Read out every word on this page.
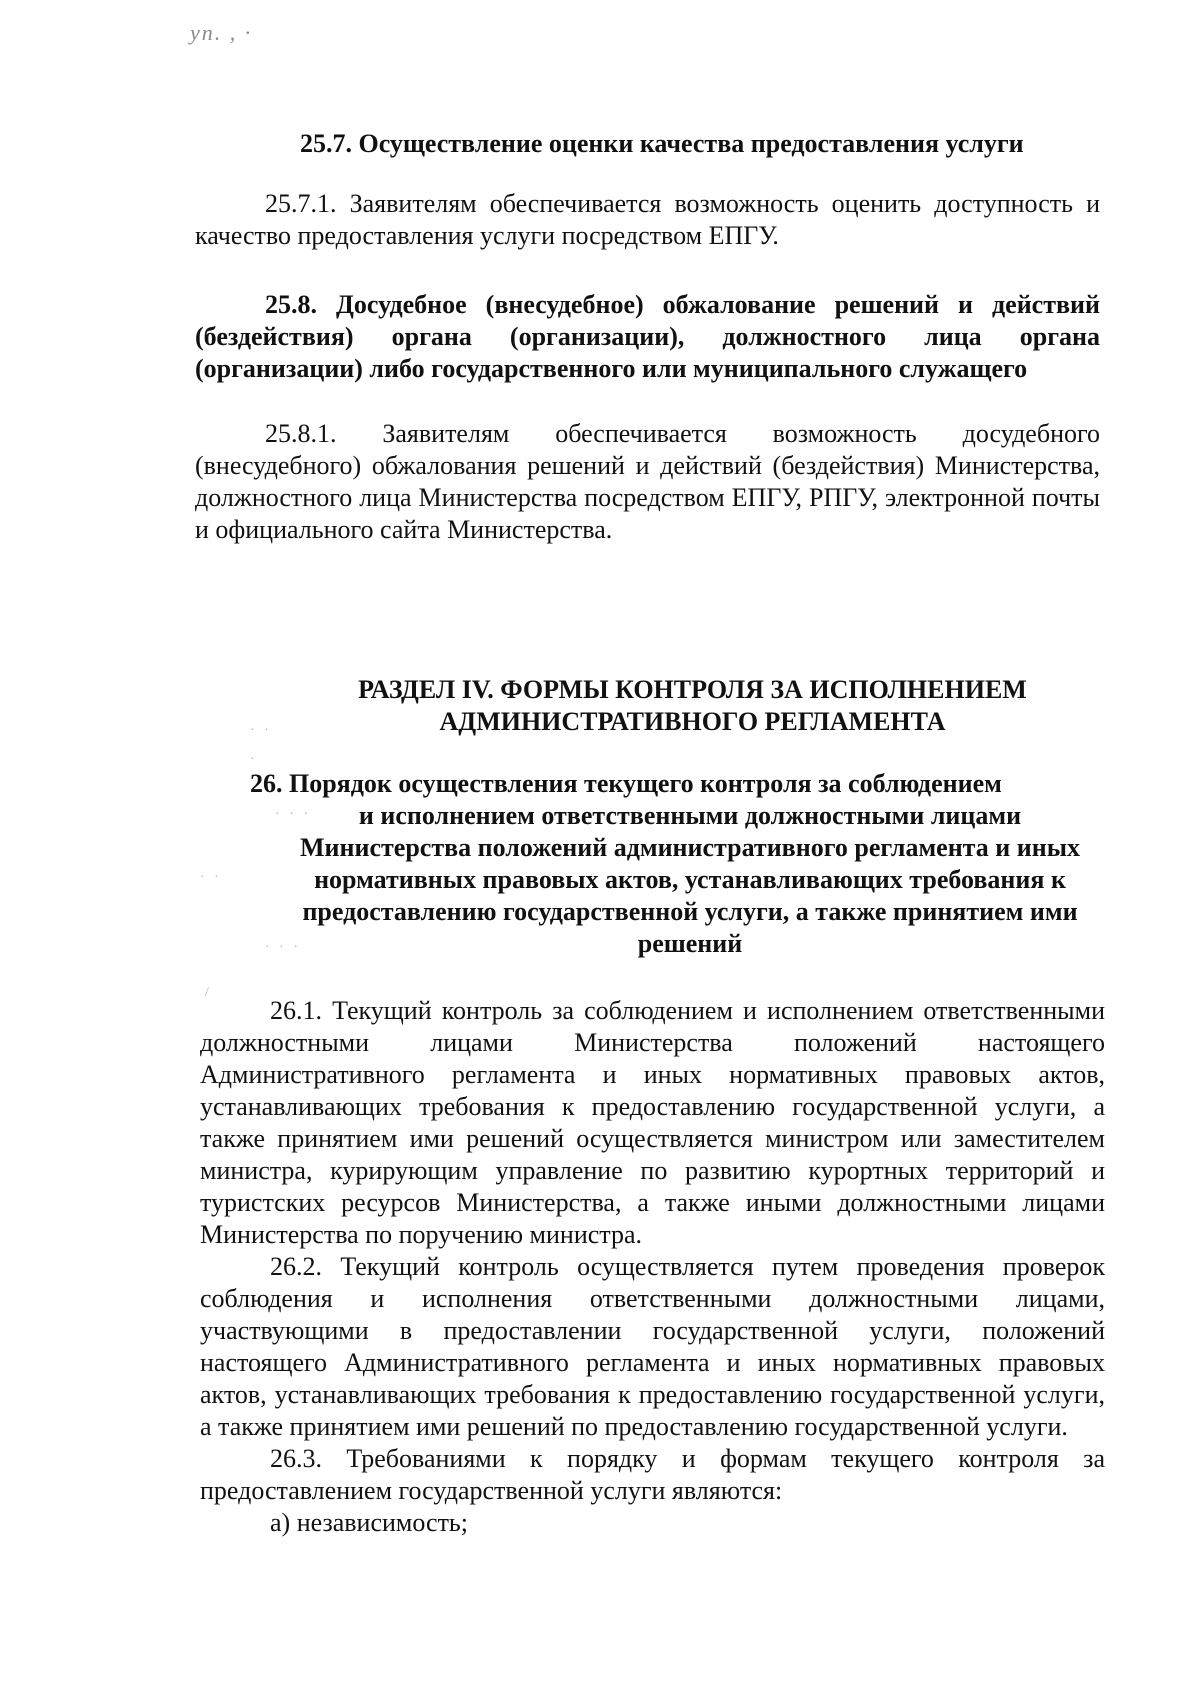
уп. , ·
25.7. Осуществление оценки качества предоставления услуги
25.7.1. Заявителям обеспечивается возможность оценить доступность и качество предоставления услуги посредством ЕПГУ.
25.8. Досудебное (внесудебное) обжалование решений и действий (бездействия) органа (организации), должностного лица органа (организации) либо государственного или муниципального служащего
25.8.1. Заявителям обеспечивается возможность досудебного (внесудебного) обжалования решений и действий (бездействия) Министерства, должностного лица Министерства посредством ЕПГУ, РПГУ, электронной почты и официального сайта Министерства.
РАЗДЕЛ IV. ФОРМЫ КОНТРОЛЯ ЗА ИСПОЛНЕНИЕМ
АДМИНИСТРАТИВНОГО РЕГЛАМЕНТА
· ·
·
· · ·
· ·
· · ·
/
26. Порядок осуществления текущего контроля за соблюдением
и исполнением ответственными должностными лицами
Министерства положений административного регламента и иных
нормативных правовых актов, устанавливающих требования к
предоставлению государственной услуги, а также принятием ими
решений

26.1. Текущий контроль за соблюдением и исполнением ответственными должностными лицами Министерства положений настоящего Административного регламента и иных нормативных правовых актов, устанавливающих требования к предоставлению государственной услуги, а также принятием ими решений осуществляется министром или заместителем министра, курирующим управление по развитию курортных территорий и туристских ресурсов Министерства, а также иными должностными лицами Министерства по поручению министра.

26.2. Текущий контроль осуществляется путем проведения проверок соблюдения и исполнения ответственными должностными лицами, участвующими в предоставлении государственной услуги, положений настоящего Административного регламента и иных нормативных правовых актов, устанавливающих требования к предоставлению государственной услуги, а также принятием ими решений по предоставлению государственной услуги.

26.3. Требованиями к порядку и формам текущего контроля за предоставлением государственной услуги являются:

а) независимость;
